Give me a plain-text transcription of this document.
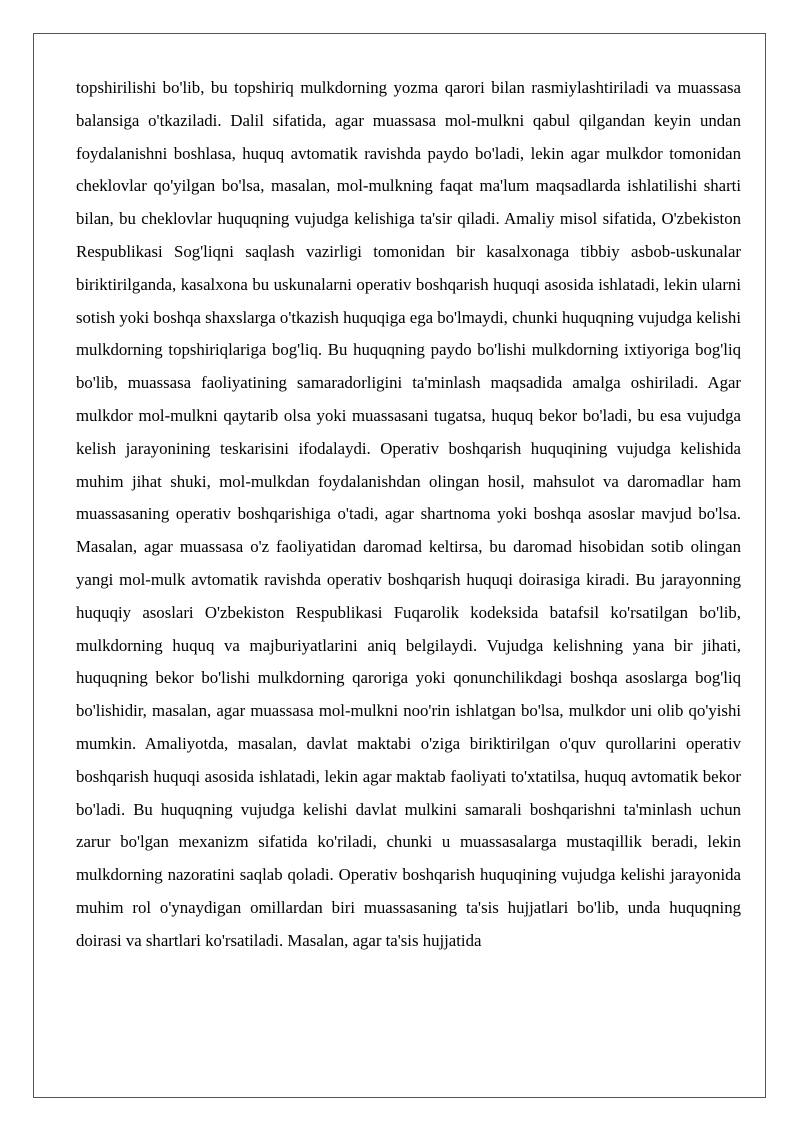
topshirilishi bo'lib, bu topshiriq mulkdorning yozma qarori bilan rasmiylashtiriladi va muassasa balansiga o'tkaziladi. Dalil sifatida, agar muassasa mol-mulkni qabul qilgandan keyin undan foydalanishni boshlasa, huquq avtomatik ravishda paydo bo'ladi, lekin agar mulkdor tomonidan cheklovlar qo'yilgan bo'lsa, masalan, mol-mulkning faqat ma'lum maqsadlarda ishlatilishi sharti bilan, bu cheklovlar huquqning vujudga kelishiga ta'sir qiladi. Amaliy misol sifatida, O'zbekiston Respublikasi Sog'liqni saqlash vazirligi tomonidan bir kasalxonaga tibbiy asbob-uskunalar biriktirilganda, kasalxona bu uskunalarni operativ boshqarish huquqi asosida ishlatadi, lekin ularni sotish yoki boshqa shaxslarga o'tkazish huquqiga ega bo'lmaydi, chunki huquqning vujudga kelishi mulkdorning topshiriqlariga bog'liq. Bu huquqning paydo bo'lishi mulkdorning ixtiyoriga bog'liq bo'lib, muassasa faoliyatining samaradorligini ta'minlash maqsadida amalga oshiriladi. Agar mulkdor mol-mulkni qaytarib olsa yoki muassasani tugatsa, huquq bekor bo'ladi, bu esa vujudga kelish jarayonining teskarisini ifodalaydi. Operativ boshqarish huquqining vujudga kelishida muhim jihat shuki, mol-mulkdan foydalanishdan olingan hosil, mahsulot va daromadlar ham muassasaning operativ boshqarishiga o'tadi, agar shartnoma yoki boshqa asoslar mavjud bo'lsa. Masalan, agar muassasa o'z faoliyatidan daromad keltirsa, bu daromad hisobidan sotib olingan yangi mol-mulk avtomatik ravishda operativ boshqarish huquqi doirasiga kiradi. Bu jarayonning huquqiy asoslari O'zbekiston Respublikasi Fuqarolik kodeksida batafsil ko'rsatilgan bo'lib, mulkdorning huquq va majburiyatlarini aniq belgilaydi. Vujudga kelishning yana bir jihati, huquqning bekor bo'lishi mulkdorning qaroriga yoki qonunchilikdagi boshqa asoslarga bog'liq bo'lishidir, masalan, agar muassasa mol-mulkni noo'rin ishlatgan bo'lsa, mulkdor uni olib qo'yishi mumkin. Amaliyotda, masalan, davlat maktabi o'ziga biriktirilgan o'quv qurollarini operativ boshqarish huquqi asosida ishlatadi, lekin agar maktab faoliyati to'xtatilsa, huquq avtomatik bekor bo'ladi. Bu huquqning vujudga kelishi davlat mulkini samarali boshqarishni ta'minlash uchun zarur bo'lgan mexanizm sifatida ko'riladi, chunki u muassasalarga mustaqillik beradi, lekin mulkdorning nazoratini saqlab qoladi. Operativ boshqarish huquqining vujudga kelishi jarayonida muhim rol o'ynaydigan omillardan biri muassasaning ta'sis hujjatlari bo'lib, unda huquqning doirasi va shartlari ko'rsatiladi. Masalan, agar ta'sis hujjatida
